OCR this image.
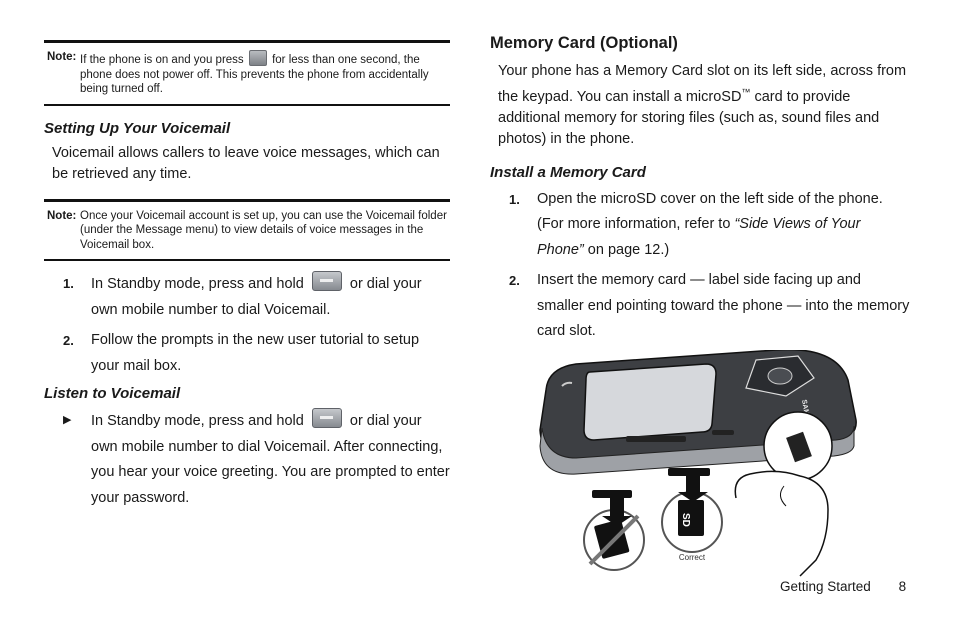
Note: If the phone is on and you press for less than one second, the phone does not power off. This prevents the phone from accidentally being turned off.
Setting Up Your Voicemail
Voicemail allows callers to leave voice messages, which can be retrieved any time.
Note: Once your Voicemail account is set up, you can use the Voicemail folder (under the Message menu) to view details of voice messages in the Voicemail box.
1.	In Standby mode, press and hold	or dial your own mobile number to dial Voicemail.
2.	Follow the prompts in the new user tutorial to setup your mail box.
Listen to Voicemail
▶	In Standby mode, press and hold	or dial your own mobile number to dial Voicemail. After connecting, you hear your voice greeting. You are prompted to enter your password.
Memory Card (Optional)
Your phone has a Memory Card slot on its left side, across from the keypad. You can install a microSD™ card to provide additional memory for storing files (such as, sound files and photos) in the phone.
Install a Memory Card
1.	Open the microSD cover on the left side of the phone. (For more information, refer to “Side Views of Your Phone” on page 12.)
2.	Insert the memory card — label side facing up and smaller end pointing toward the phone — into the memory card slot.
SD
Correct
Getting Started 8
